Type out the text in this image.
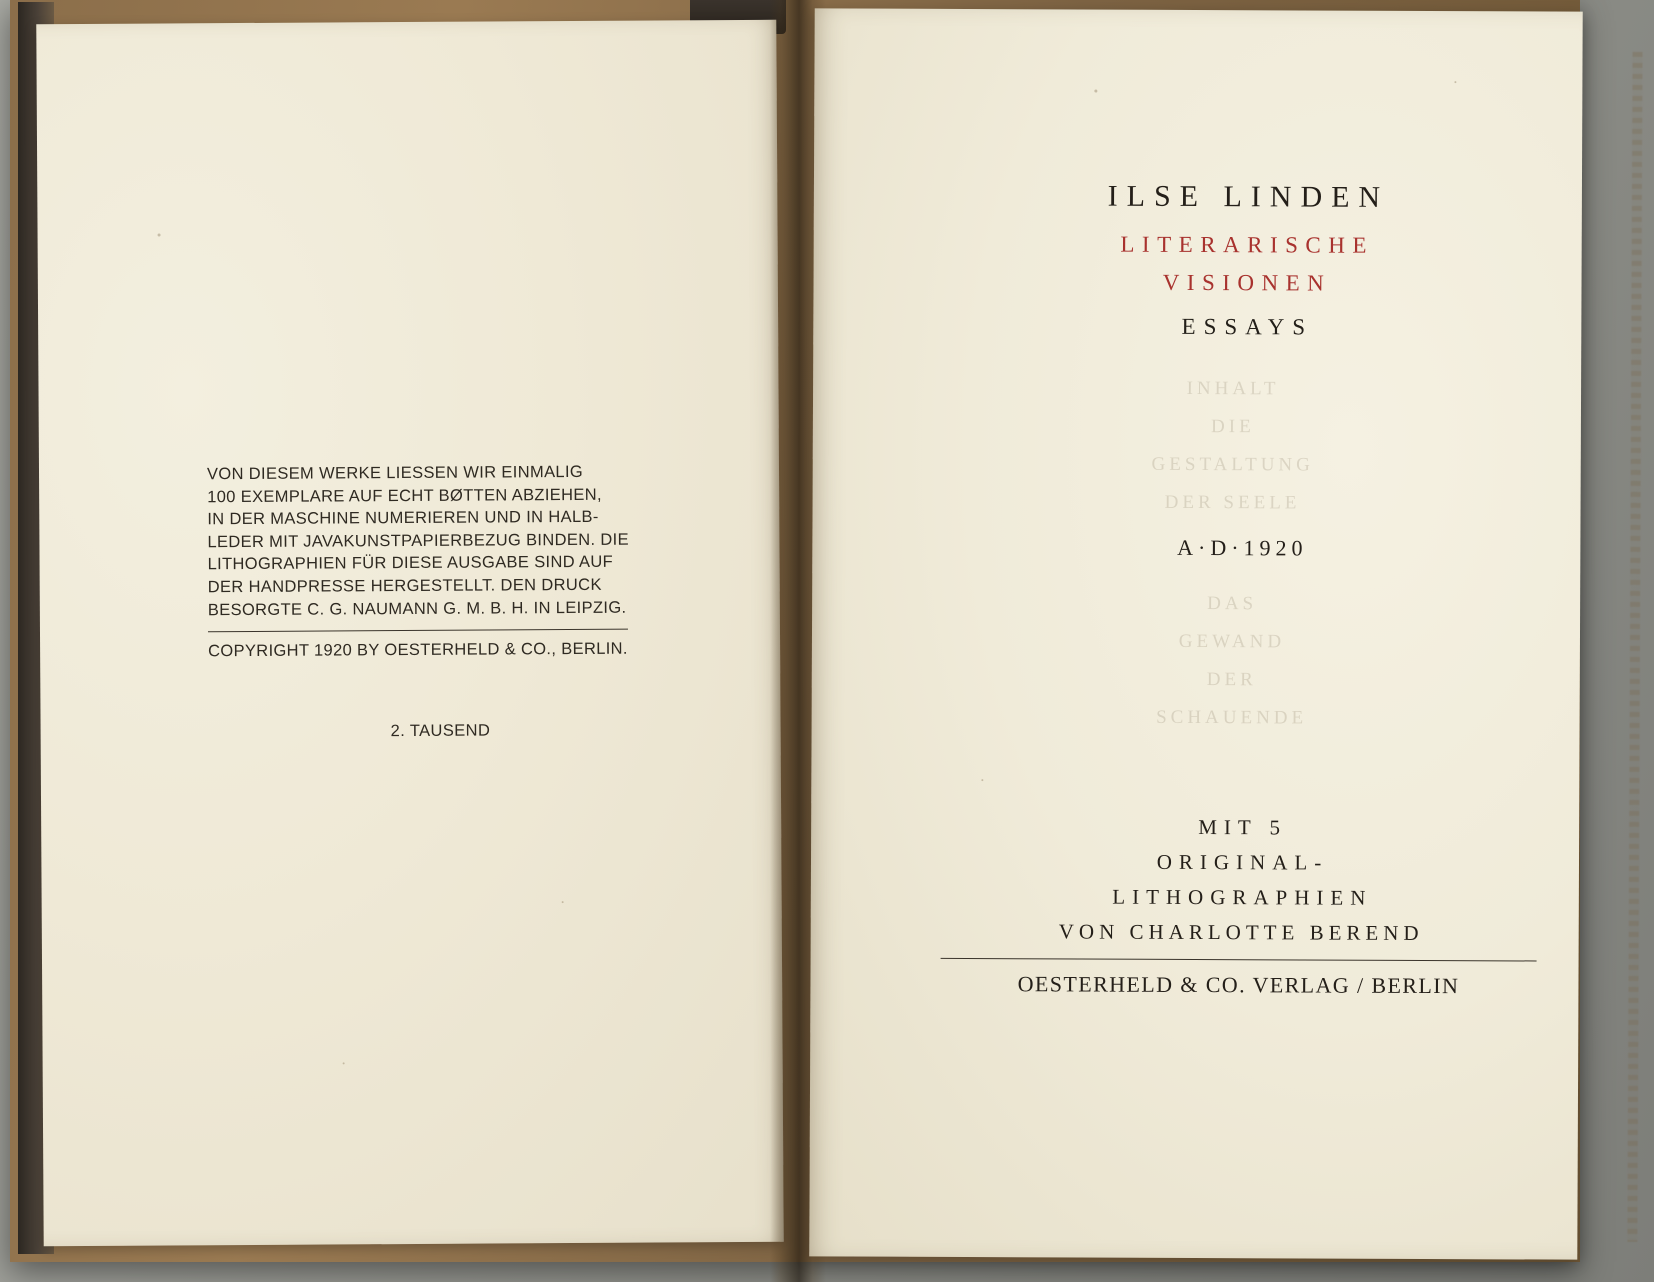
VON DIESEM WERKE LIESSEN WIR EINMALIG
100 EXEMPLARE AUF ECHT BØTTEN ABZIEHEN,
IN DER MASCHINE NUMERIEREN UND IN HALB-
LEDER MIT JAVAKUNSTPAPIERBEZUG BINDEN. DIE
LITHOGRAPHIEN FÜR DIESE AUSGABE SIND AUF
DER HANDPRESSE HERGESTELLT. DEN DRUCK
BESORGTE C. G. NAUMANN G. M. B. H. IN LEIPZIG.
COPYRIGHT 1920 BY OESTERHELD & CO., BERLIN.
2. TAUSEND
INHALT
DIE
GESTALTUNG
DER SEELE
DAS
GEWAND
DER
SCHAUENDE
ILSE LINDEN
LITERARISCHE
VISIONEN
ESSAYS
A·D·1920
MIT 5
ORIGINAL-
LITHOGRAPHIEN
VON CHARLOTTE BEREND
OESTERHELD & CO. VERLAG / BERLIN
